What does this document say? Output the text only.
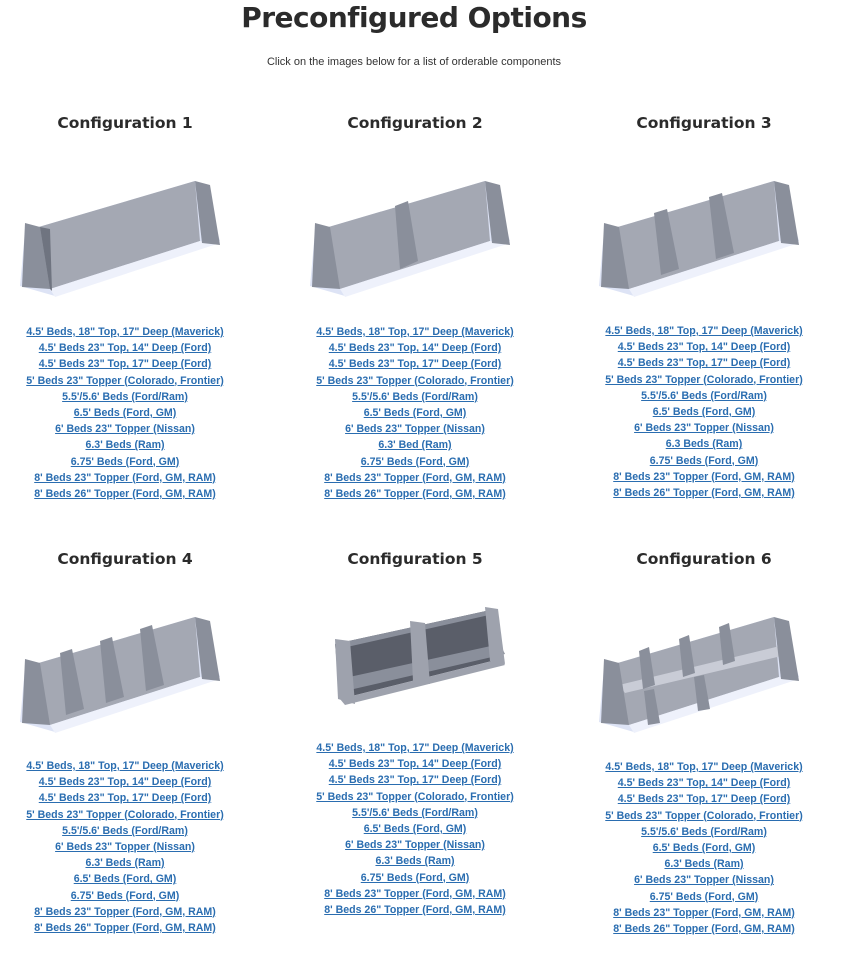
Preconfigured Options
Click on the images below for a list of orderable components
Configuration 1
4.5' Beds, 18" Top, 17" Deep (Maverick)
4.5' Beds 23" Top, 14" Deep (Ford)
4.5' Beds 23" Top, 17" Deep (Ford)
5' Beds 23" Topper (Colorado, Frontier)
5.5'/5.6' Beds (Ford/Ram)
6.5' Beds (Ford, GM)
6' Beds 23" Topper (Nissan)
6.3' Beds (Ram)
6.75' Beds (Ford, GM)
8' Beds 23" Topper (Ford, GM, RAM)
8' Beds 26" Topper (Ford, GM, RAM)
Configuration 2
4.5' Beds, 18" Top, 17" Deep (Maverick)
4.5' Beds 23" Top, 14" Deep (Ford)
4.5' Beds 23" Top, 17" Deep (Ford)
5' Beds 23" Topper (Colorado, Frontier)
5.5'/5.6' Beds (Ford/Ram)
6.5' Beds (Ford, GM)
6' Beds 23" Topper (Nissan)
6.3' Bed (Ram)
6.75' Beds (Ford, GM)
8' Beds 23" Topper (Ford, GM, RAM)
8' Beds 26" Topper (Ford, GM, RAM)
Configuration 3
4.5' Beds, 18" Top, 17" Deep (Maverick)
4.5' Beds 23" Top, 14" Deep (Ford)
4.5' Beds 23" Top, 17" Deep (Ford)
5' Beds 23" Topper (Colorado, Frontier)
5.5'/5.6' Beds (Ford/Ram)
6.5' Beds (Ford, GM)
6' Beds 23" Topper (Nissan)
6.3 Beds (Ram)
6.75' Beds (Ford, GM)
8' Beds 23" Topper (Ford, GM, RAM)
8' Beds 26" Topper (Ford, GM, RAM)
Configuration 4
4.5' Beds, 18" Top, 17" Deep (Maverick)
4.5' Beds 23" Top, 14" Deep (Ford)
4.5' Beds 23" Top, 17" Deep (Ford)
5' Beds 23" Topper (Colorado, Frontier)
5.5'/5.6' Beds (Ford/Ram)
6' Beds 23" Topper (Nissan)
6.3' Beds (Ram)
6.5' Beds (Ford, GM)
6.75' Beds (Ford, GM)
8' Beds 23" Topper (Ford, GM, RAM)
8' Beds 26" Topper (Ford, GM, RAM)
Configuration 5
4.5' Beds, 18" Top, 17" Deep (Maverick)
4.5' Beds 23" Top, 14" Deep (Ford)
4.5' Beds 23" Top, 17" Deep (Ford)
5' Beds 23" Topper (Colorado, Frontier)
5.5'/5.6' Beds (Ford/Ram)
6.5' Beds (Ford, GM)
6' Beds 23" Topper (Nissan)
6.3' Beds (Ram)
6.75' Beds (Ford, GM)
8' Beds 23" Topper (Ford, GM, RAM)
8' Beds 26" Topper (Ford, GM, RAM)
Configuration 6
4.5' Beds, 18" Top, 17" Deep (Maverick)
4.5' Beds 23" Top, 14" Deep (Ford)
4.5' Beds 23" Top, 17" Deep (Ford)
5' Beds 23" Topper (Colorado, Frontier)
5.5'/5.6' Beds (Ford/Ram)
6.5' Beds (Ford, GM)
6.3' Beds (Ram)
6' Beds 23" Topper (Nissan)
6.75' Beds (Ford, GM)
8' Beds 23" Topper (Ford, GM, RAM)
8' Beds 26" Topper (Ford, GM, RAM)
